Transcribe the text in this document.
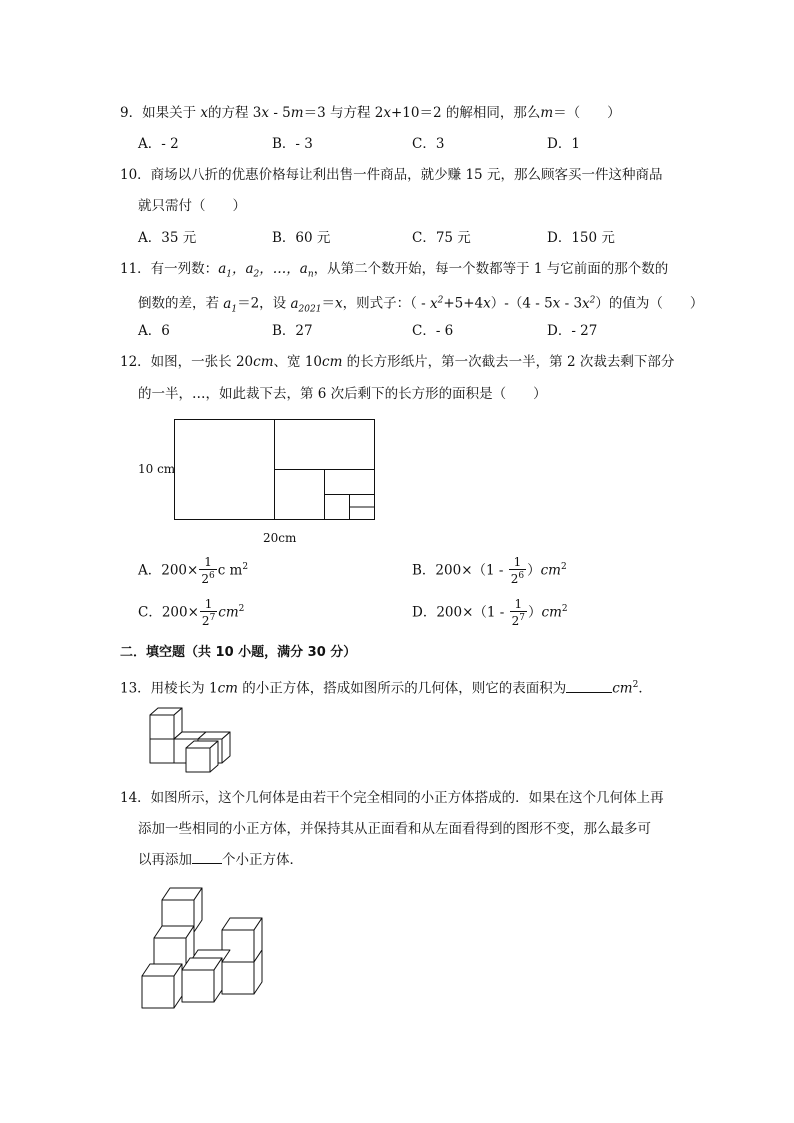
9．如果关于 x的方程 3x - 5m＝3 与方程 2x+10＝2 的解相同，那么m＝（　　）
A．- 2	B．- 3	C．3	D．1
10．商场以八折的优惠价格每让利出售一件商品，就少赚 15 元，那么顾客买一件这种商品
就只需付（　　）
A．35 元	B．60 元	C．75 元	D．150 元
11．有一列数：$a_1$，$a_2$，…，$a_n$，从第二个数开始，每一个数都等于 1 与它前面的那个数的
倒数的差，若 $a_1=2$，设 $a_{2021}=x$，则式子：（ - $x^2+5+4x)-(4 - 5x - 3x^2)$的值为（　　）
A．6	B．27	C．- 6	D．- 27
12．如图，一张长 20cm、宽 10cm 的长方形纸片，第一次截去一半，第 2 次裁去剩下部分
的一半，…，如此裁下去，第 6 次后剩下的长方形的面积是（　　）
10 cm
20cm
A．$200\times \frac{1}{2^6}$ c $m^2$	B．$200\times(1 - \frac{1}{2^6} )cm^2$
C．$200\times \frac{1}{2^7} cm^2$	D．$200\times(1 - \frac{1}{2^7} )cm^2$
二．填空题（共 10 小题，满分 30 分）
13．用棱长为 1cm 的小正方体，搭成如图所示的几何体，则它的表面积为	$cm^2$．
14．如图所示，这个几何体是由若干个完全相同的小正方体搭成的．如果在这个几何体上再
添加一些相同的小正方体，并保持其从正面看和从左面看得到的图形不变，那么最多可
以再添加 个小正方体．
